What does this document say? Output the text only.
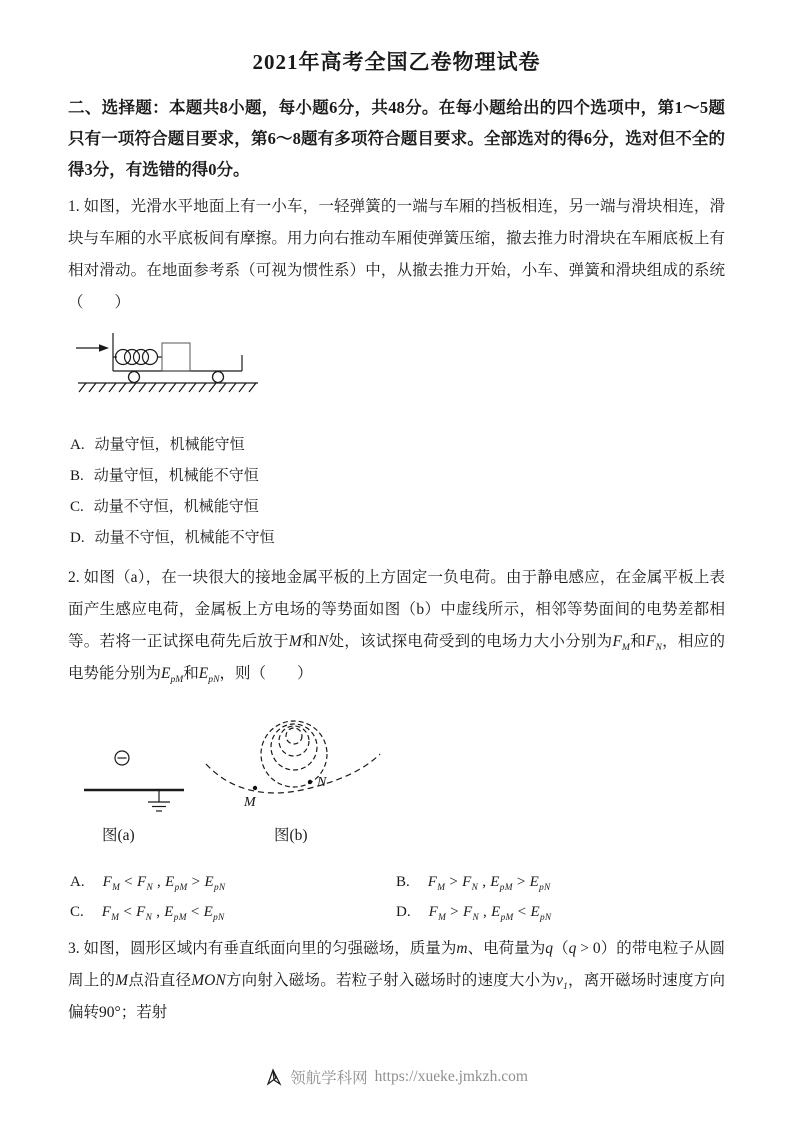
2021年高考全国乙卷物理试卷

二、选择题：本题共8小题，每小题6分，共48分。在每小题给出的四个选项中，第1～5题只有一项符合题目要求，第6～8题有多项符合题目要求。全部选对的得6分，选对但不全的得3分，有选错的得0分。

1. 如图，光滑水平地面上有一小车，一轻弹簧的一端与车厢的挡板相连，另一端与滑块相连，滑块与车厢的水平底板间有摩擦。用力向右推动车厢使弹簧压缩，撤去推力时滑块在车厢底板上有相对滑动。在地面参考系（可视为惯性系）中，从撤去推力开始，小车、弹簧和滑块组成的系统（　　）

A. 动量守恒，机械能守恒
B. 动量守恒，机械能不守恒
C. 动量不守恒，机械能守恒
D. 动量不守恒，机械能不守恒

2. 如图（a），在一块很大的接地金属平板的上方固定一负电荷。由于静电感应，在金属平板上表面产生感应电荷，金属板上方电场的等势面如图（b）中虚线所示，相邻等势面间的电势差都相等。若将一正试探电荷先后放于M和N处，该试探电荷受到的电场力大小分别为$F_M$和$F_N$，相应的电势能分别为$E_{pM}$和$E_{pN}$，则（　　）

M
N
图(a)	图(b)
A. $F_M < F_N$ , $E_{pM} > E_{pN}$	B. $F_M > F_N$ , $E_{pM} > E_{pN}$
C. $F_M < F_N$ , $E_{pM} < E_{pN}$	D. $F_M > F_N$ , $E_{pM} < E_{pN}$

3. 如图，圆形区域内有垂直纸面向里的匀强磁场，质量为m、电荷量为q（q > 0）的带电粒子从圆周上的M点沿直径MON方向射入磁场。若粒子射入磁场时的速度大小为$v_1$，离开磁场时速度方向偏转90°；若射

领航学科网 https://xueke.jmkzh.com
